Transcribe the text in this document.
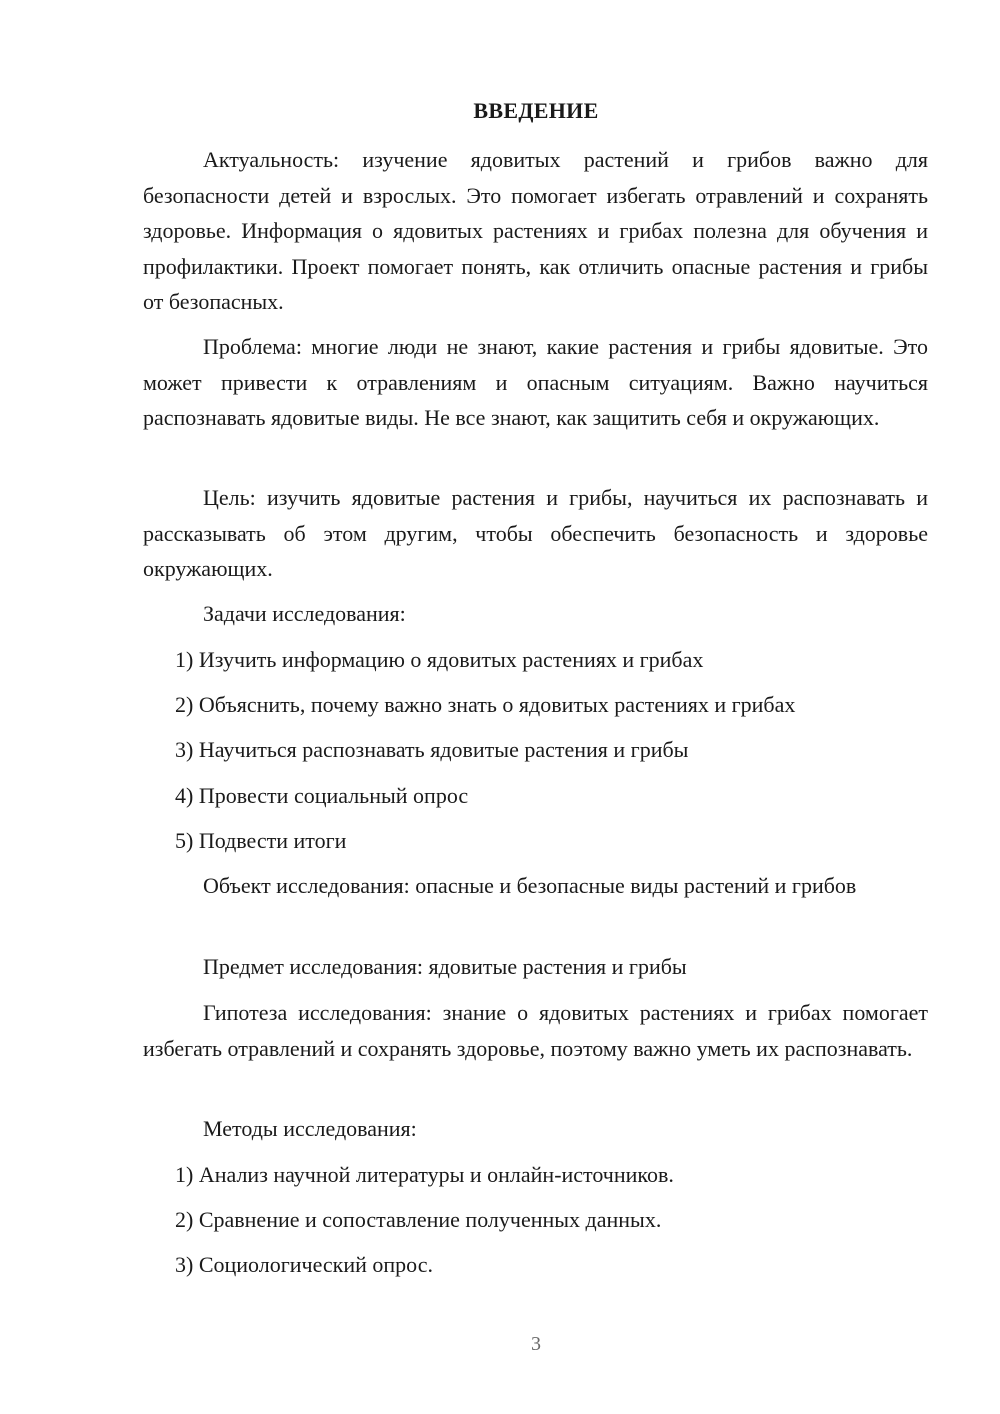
ВВЕДЕНИЕ
Актуальность: изучение ядовитых растений и грибов важно для безопасности детей и взрослых. Это помогает избегать отравлений и сохранять здоровье. Информация о ядовитых растениях и грибах полезна для обучения и профилактики. Проект помогает понять, как отличить опасные растения и грибы от безопасных.
Проблема: многие люди не знают, какие растения и грибы ядовитые. Это может привести к отравлениям и опасным ситуациям. Важно научиться распознавать ядовитые виды. Не все знают, как защитить себя и окружающих.
Цель: изучить ядовитые растения и грибы, научиться их распознавать и рассказывать об этом другим, чтобы обеспечить безопасность и здоровье окружающих.
Задачи исследования:
1) Изучить информацию о ядовитых растениях и грибах
2) Объяснить, почему важно знать о ядовитых растениях и грибах
3) Научиться распознавать ядовитые растения и грибы
4) Провести социальный опрос
5) Подвести итоги
Объект исследования: опасные и безопасные виды растений и грибов
Предмет исследования: ядовитые растения и грибы
Гипотеза исследования: знание о ядовитых растениях и грибах помогает избегать отравлений и сохранять здоровье, поэтому важно уметь их распознавать.
Методы исследования:
1) Анализ научной литературы и онлайн-источников.
2) Сравнение и сопоставление полученных данных.
3) Социологический опрос.
3
